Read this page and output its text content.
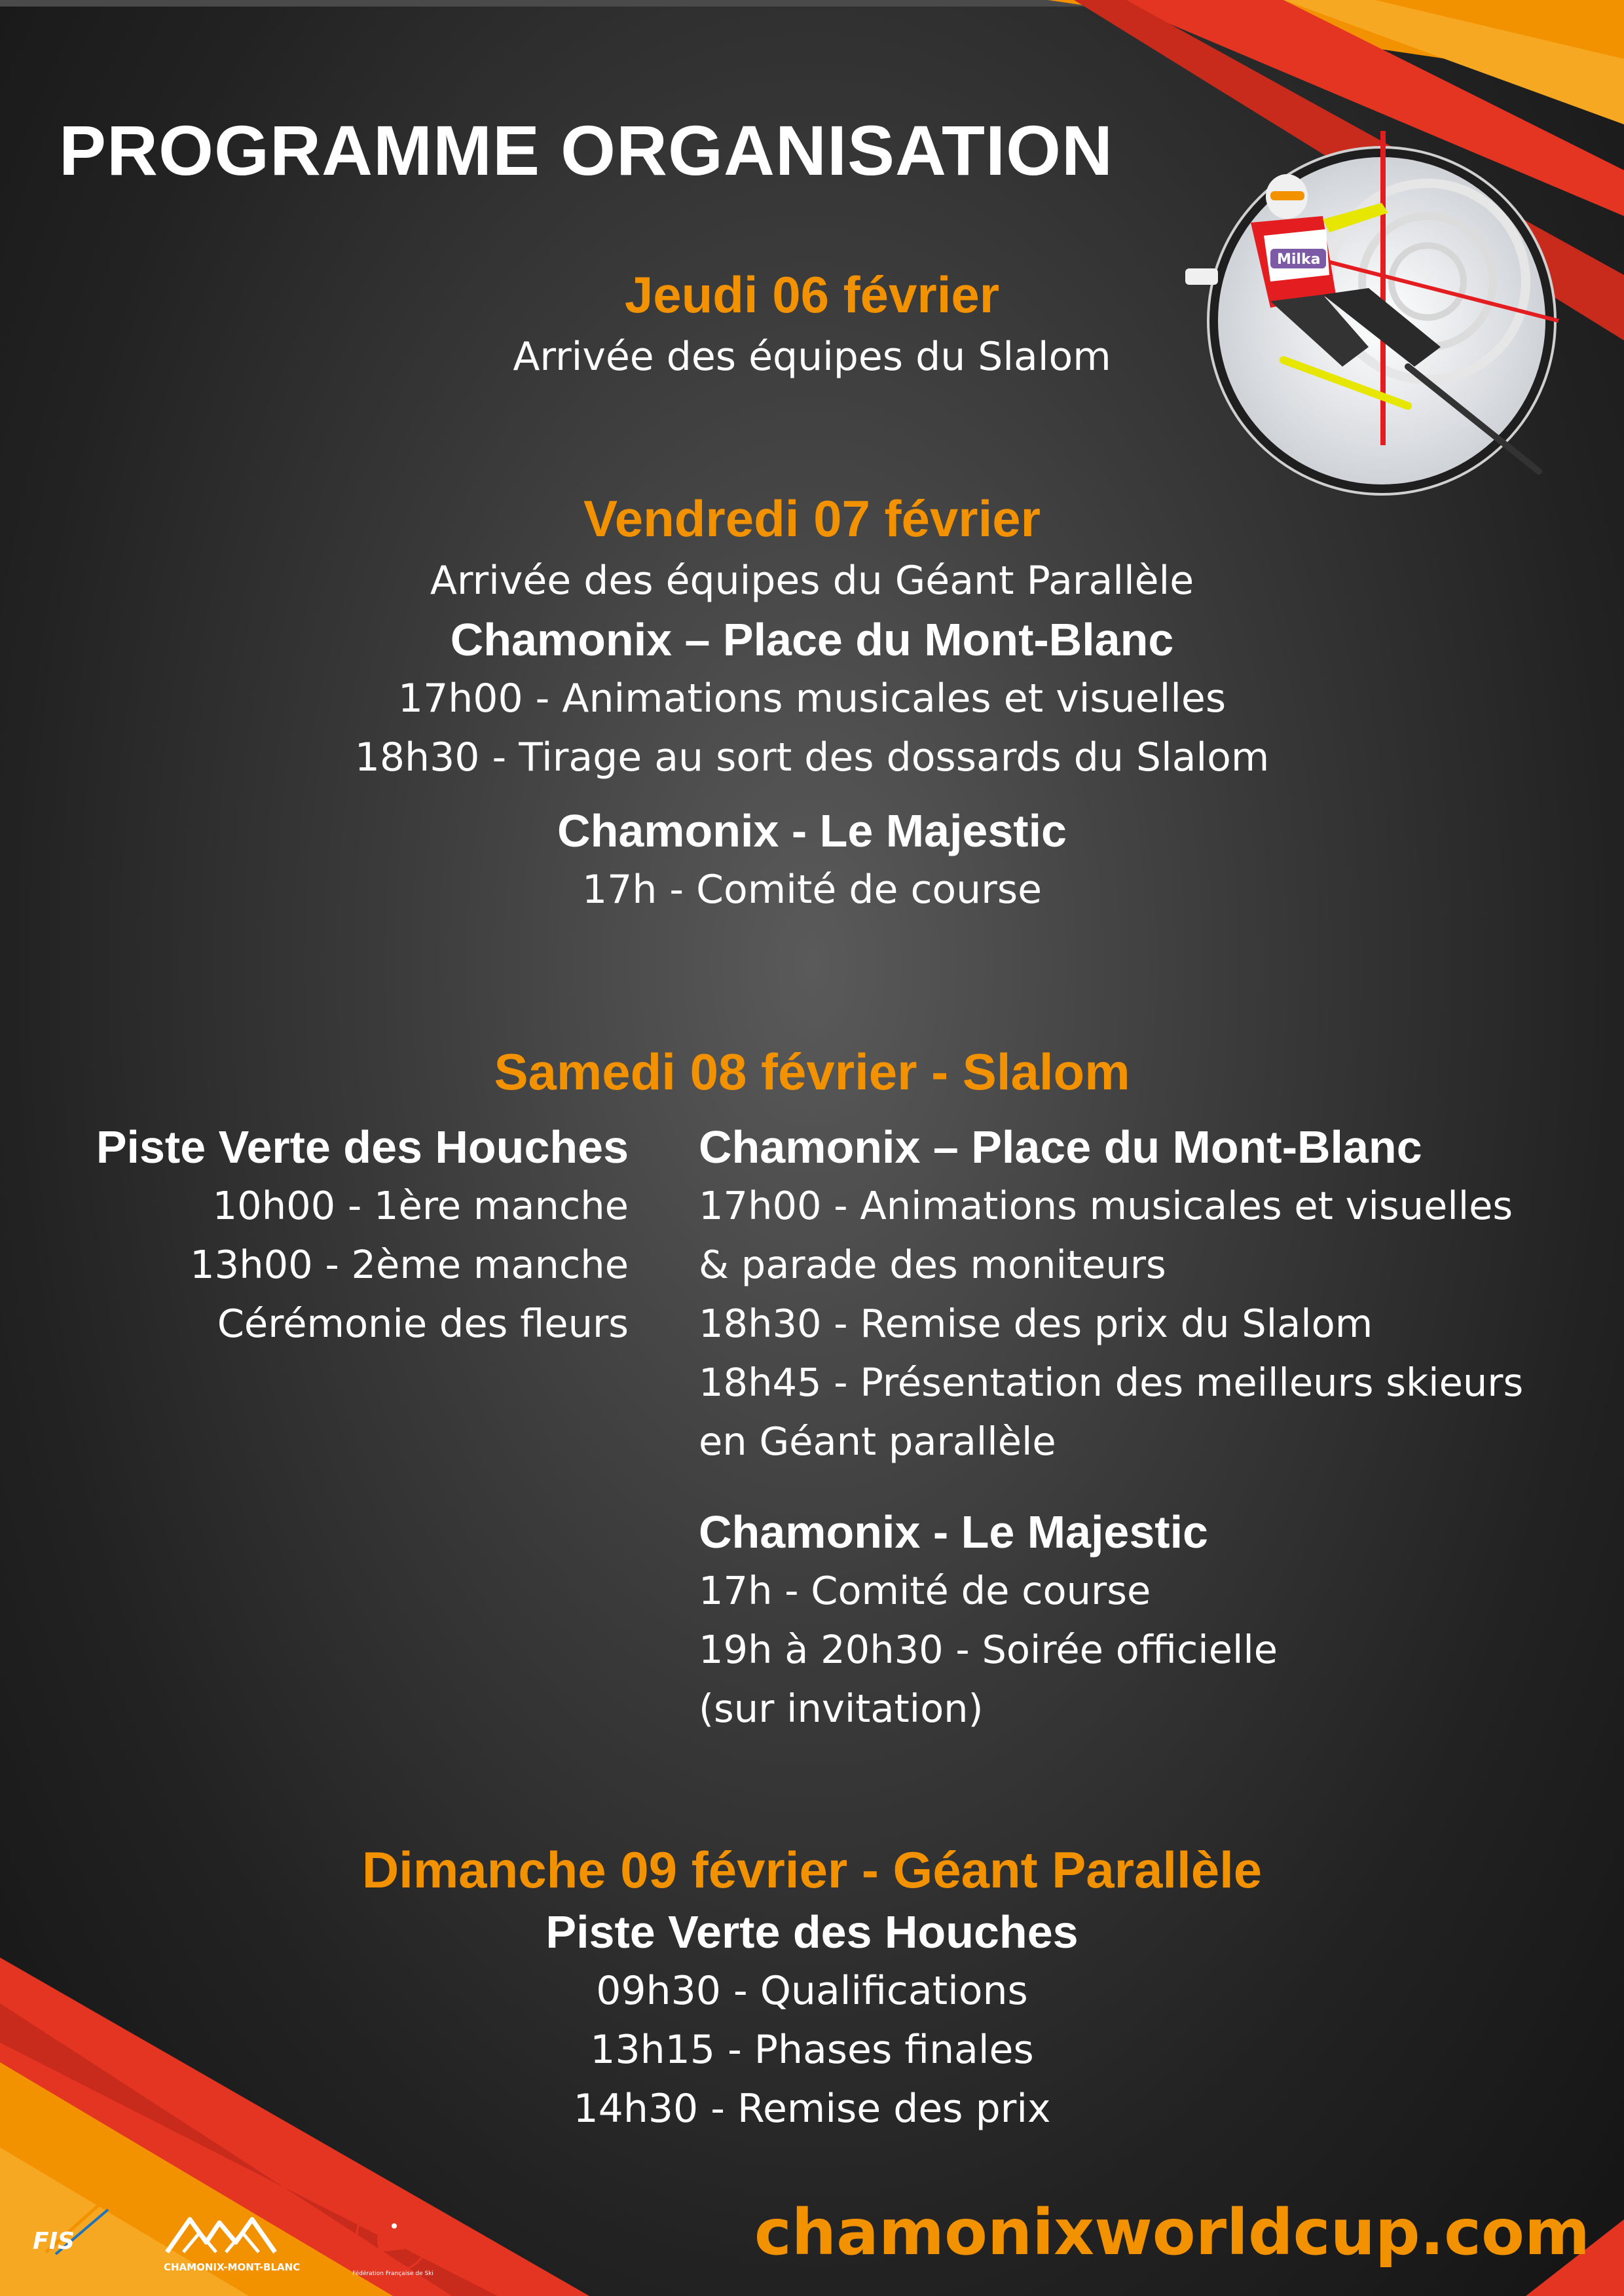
Milka
PROGRAMME ORGANISATION

Jeudi 06 février

Arrivée des équipes du Slalom

Vendredi 07 février

Arrivée des équipes du Géant Parallèle

Chamonix – Place du Mont-Blanc

17h00 - Animations musicales et visuelles

18h30 - Tirage au sort des dossards du Slalom

Chamonix - Le Majestic

17h - Comité de course

Samedi 08 février - Slalom

Piste Verte des Houches

10h00 - 1ère manche

13h00 - 2ème manche

Cérémonie des fleurs

Chamonix – Place du Mont-Blanc

17h00 - Animations musicales et visuelles

& parade des moniteurs

18h30 - Remise des prix du Slalom

18h45 - Présentation des meilleurs skieurs

en Géant parallèle

Chamonix - Le Majestic

17h - Comité de course

19h à 20h30 - Soirée officielle

(sur invitation)

Dimanche 09 février - Géant Parallèle

Piste Verte des Houches

09h30 - Qualifications

13h15 - Phases finales

14h30 - Remise des prix

FIS
CHAMONIX-MONT-BLANC
Fédération Française de Ski
chamonixworldcup.com
